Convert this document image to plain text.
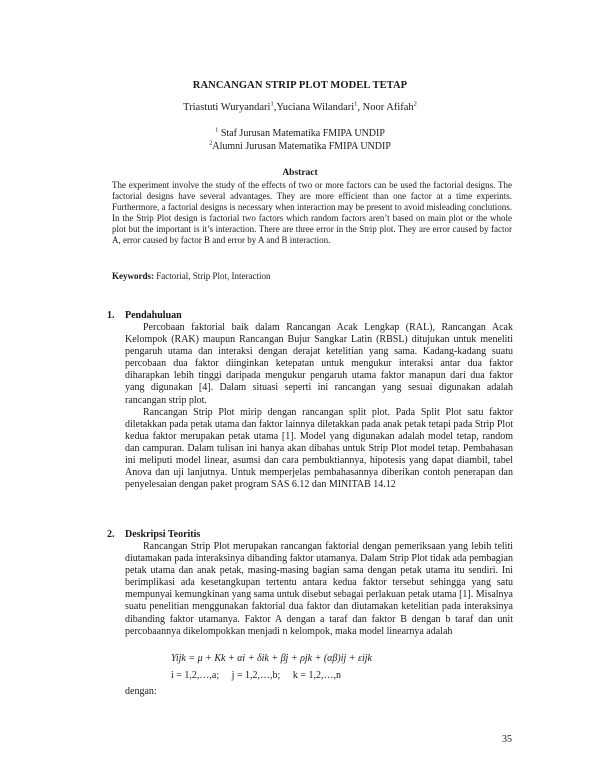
RANCANGAN STRIP PLOT MODEL TETAP
Triastuti Wuryandari$^1$,Yuciana Wilandari$^1$, Noor Afifah$^2$
$^1$ Staf Jurusan Matematika FMIPA UNDIP
$^2$Alumni Jurusan Matematika FMIPA UNDIP
Abstract
The experiment involve the study of the effects of two or more factors can be used the factorial designs. The factorial designs have several advantages. They are more efficient than one factor at a time experints. Furthermore, a factorial designs is necessary when interaction may be present to avoid misleading conclutions. In the Strip Plot design is factorial two factors which random factors aren’t based on main plot or the whole plot but the important is it’s interaction. There are three error in the Strip plot. They are error caused by factor A, error caused by factor B and error by A and B interaction.
Keywords: Factorial, Strip Plot, Interaction
1. Pendahuluan

Percobaan faktorial baik dalam Rancangan Acak Lengkap (RAL), Rancangan Acak Kelompok (RAK) maupun Rancangan Bujur Sangkar Latin (RBSL) ditujukan untuk meneliti pengaruh utama dan interaksi dengan derajat ketelitian yang sama. Kadang-kadang suatu percobaan dua faktor diinginkan ketepatan untuk mengukur interaksi antar dua faktor diharapkan lebih tinggi daripada mengukur pengaruh utama faktor manapun dari dua faktor yang digunakan [4]. Dalam situasi seperti ini rancangan yang sesuai digunakan adalah rancangan strip plot.

Rancangan Strip Plot mirip dengan rancangan split plot. Pada Split Plot satu faktor diletakkan pada petak utama dan faktor lainnya diletakkan pada anak petak tetapi pada Strip Plot kedua faktor merupakan petak utama [1]. Model yang digunakan adalah model tetap, random dan campuran. Dalam tulisan ini hanya akan dibahas untuk Strip Plot model tetap. Pembahasan ini meliputi model linear, asumsi dan cara pembuktiannya, hipotesis yang dapat diambil, tabel Anova dan uji lanjutnya. Untuk memperjelas pembahasannya diberikan contoh penerapan dan penyelesaian dengan paket program SAS 6.12 dan MINITAB 14.12

2. Deskripsi Teoritis

Rancangan Strip Plot merupakan rancangan faktorial dengan pemeriksaan yang lebih teliti diutamakan pada interaksinya dibanding faktor utamanya. Dalam Strip Plot tidak ada pembagian petak utama dan anak petak, masing-masing bagian sama dengan petak utama itu sendiri. Ini berimplikasi ada kesetangkupan tertentu antara kedua faktor tersebut sehingga yang satu mempunyai kemungkinan yang sama untuk disebut sebagai perlakuan petak utama [1]. Misalnya suatu penelitian menggunakan faktorial dua faktor dan diutamakan ketelitian pada interaksinya dibanding faktor utamanya. Faktor A dengan a taraf dan faktor B dengan b taraf dan unit percobaannya dikelompokkan menjadi n kelompok, maka model linearnya adalah

Yijk = μ + Kk + αi + δik + βj + ρjk + (αβ)ij + εijk
i = 1,2,…,a;     j = 1,2,…,b;     k = 1,2,…,n
dengan:
35
